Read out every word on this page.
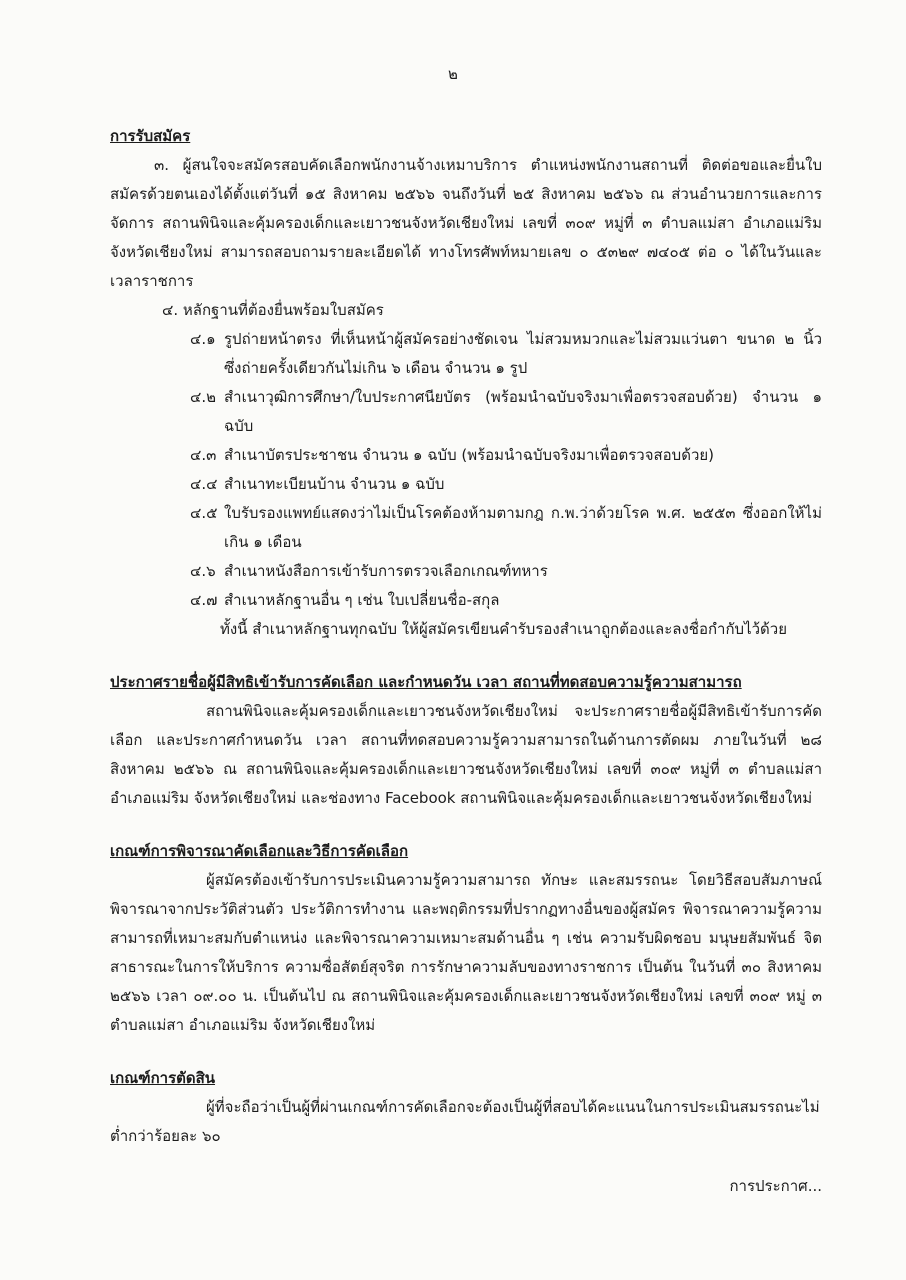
๒
การรับสมัคร

๓. ผู้สนใจจะสมัครสอบคัดเลือกพนักงานจ้างเหมาบริการ ตำแหน่งพนักงานสถานที่ ติดต่อขอและยื่นใบสมัครด้วยตนเองได้ตั้งแต่วันที่ ๑๕ สิงหาคม ๒๕๖๖ จนถึงวันที่ ๒๕ สิงหาคม ๒๕๖๖ ณ ส่วนอำนวยการและการจัดการ สถานพินิจและคุ้มครองเด็กและเยาวชนจังหวัดเชียงใหม่ เลขที่ ๓๐๙ หมู่ที่ ๓ ตำบลแม่สา อำเภอแม่ริม จังหวัดเชียงใหม่ สามารถสอบถามรายละเอียดได้ ทางโทรศัพท์หมายเลข ๐ ๕๓๒๙ ๗๔๐๕ ต่อ ๐ ได้ในวันและเวลาราชการ

๔. หลักฐานที่ต้องยื่นพร้อมใบสมัคร

๔.๑ รูปถ่ายหน้าตรง ที่เห็นหน้าผู้สมัครอย่างชัดเจน ไม่สวมหมวกและไม่สวมแว่นตา ขนาด ๒ นิ้ว ซึ่งถ่ายครั้งเดียวกันไม่เกิน ๖ เดือน จำนวน ๑ รูป
๔.๒ สำเนาวุฒิการศึกษา/ใบประกาศนียบัตร (พร้อมนำฉบับจริงมาเพื่อตรวจสอบด้วย) จำนวน ๑ ฉบับ
๔.๓ สำเนาบัตรประชาชน จำนวน ๑ ฉบับ (พร้อมนำฉบับจริงมาเพื่อตรวจสอบด้วย)
๔.๔ สำเนาทะเบียนบ้าน จำนวน ๑ ฉบับ
๔.๕ ใบรับรองแพทย์แสดงว่าไม่เป็นโรคต้องห้ามตามกฎ ก.พ.ว่าด้วยโรค พ.ศ. ๒๕๕๓ ซึ่งออกให้ไม่เกิน ๑ เดือน
๔.๖ สำเนาหนังสือการเข้ารับการตรวจเลือกเกณฑ์ทหาร
๔.๗ สำเนาหลักฐานอื่น ๆ เช่น ใบเปลี่ยนชื่อ-สกุล

ทั้งนี้ สำเนาหลักฐานทุกฉบับ ให้ผู้สมัครเขียนคำรับรองสำเนาถูกต้องและลงชื่อกำกับไว้ด้วย

ประกาศรายชื่อผู้มีสิทธิเข้ารับการคัดเลือก และกำหนดวัน เวลา สถานที่ทดสอบความรู้ความสามารถ

สถานพินิจและคุ้มครองเด็กและเยาวชนจังหวัดเชียงใหม่ จะประกาศรายชื่อผู้มีสิทธิเข้ารับการคัดเลือก และประกาศกำหนดวัน เวลา สถานที่ทดสอบความรู้ความสามารถในด้านการตัดผม ภายในวันที่ ๒๘ สิงหาคม ๒๕๖๖ ณ สถานพินิจและคุ้มครองเด็กและเยาวชนจังหวัดเชียงใหม่ เลขที่ ๓๐๙ หมู่ที่ ๓ ตำบลแม่สา อำเภอแม่ริม จังหวัดเชียงใหม่ และช่องทาง Facebook สถานพินิจและคุ้มครองเด็กและเยาวชนจังหวัดเชียงใหม่

เกณฑ์การพิจารณาคัดเลือกและวิธีการคัดเลือก

ผู้สมัครต้องเข้ารับการประเมินความรู้ความสามารถ ทักษะ และสมรรถนะ โดยวิธีสอบสัมภาษณ์ พิจารณาจากประวัติส่วนตัว ประวัติการทำงาน และพฤติกรรมที่ปรากฏทางอื่นของผู้สมัคร พิจารณาความรู้ความสามารถที่เหมาะสมกับตำแหน่ง และพิจารณาความเหมาะสมด้านอื่น ๆ เช่น ความรับผิดชอบ มนุษยสัมพันธ์ จิตสาธารณะในการให้บริการ ความซื่อสัตย์สุจริต การรักษาความลับของทางราชการ เป็นต้น ในวันที่ ๓๐ สิงหาคม ๒๕๖๖ เวลา ๐๙.๐๐ น. เป็นต้นไป ณ สถานพินิจและคุ้มครองเด็กและเยาวชนจังหวัดเชียงใหม่ เลขที่ ๓๐๙ หมู่ ๓ ตำบลแม่สา อำเภอแม่ริม จังหวัดเชียงใหม่

เกณฑ์การตัดสิน

ผู้ที่จะถือว่าเป็นผู้ที่ผ่านเกณฑ์การคัดเลือกจะต้องเป็นผู้ที่สอบได้คะแนนในการประเมินสมรรถนะไม่ต่ำกว่าร้อยละ ๖๐

การประกาศ...
